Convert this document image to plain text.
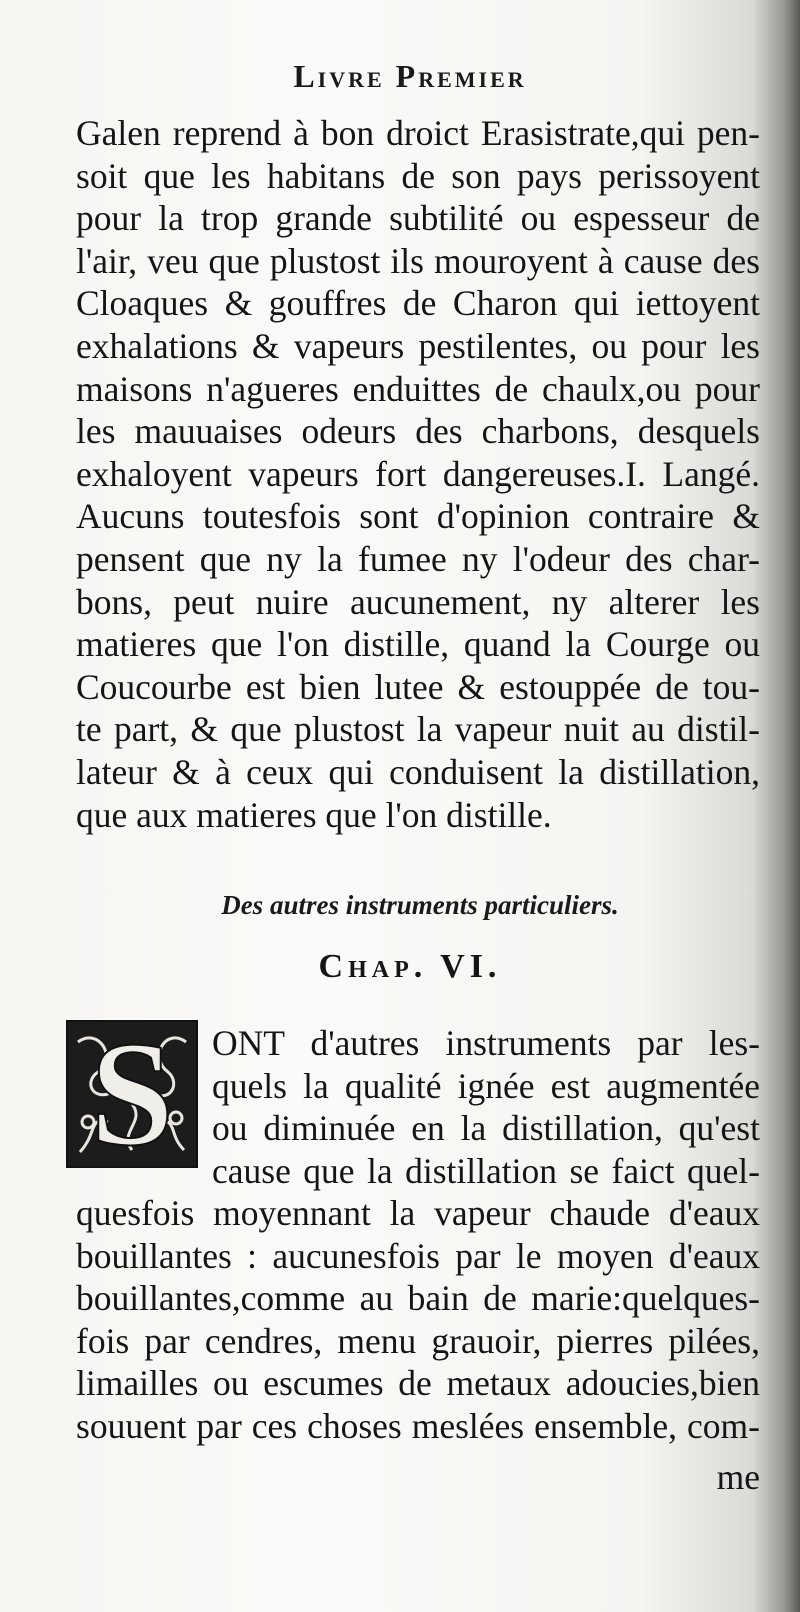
Livre Premier
Galen reprend à bon droict Erasistrate,qui pen-
soit que les habitans de son pays perissoyent
pour la trop grande subtilité ou espesseur de
l'air, veu que plustost ils mouroyent à cause des
Cloaques & gouffres de Charon qui iettoyent
exhalations & vapeurs pestilentes, ou pour les
maisons n'agueres enduittes de chaulx,ou pour
les mauuaises odeurs des charbons, desquels
exhaloyent vapeurs fort dangereuses.I. Langé.
Aucuns toutesfois sont d'opinion contraire &
pensent que ny la fumee ny l'odeur des char-
bons, peut nuire aucunement, ny alterer les
matieres que l'on distille, quand la Courge ou
Coucourbe est bien lutee & estouppée de tou-
te part, & que plustost la vapeur nuit au distil-
lateur & à ceux qui conduisent la distillation,
que aux matieres que l'on distille.
Des autres instruments particuliers.
Chap. VI.
S ONT d'autres instruments par les-
quels la qualité ignée est augmentée
ou diminuée en la distillation, qu'est
cause que la distillation se faict quel-
quesfois moyennant la vapeur chaude d'eaux
bouillantes : aucunesfois par le moyen d'eaux
bouillantes,comme au bain de marie:quelques-
fois par cendres, menu grauoir, pierres pilées,
limailles ou escumes de metaux adoucies,bien
souuent par ces choses meslées ensemble, com-
me
